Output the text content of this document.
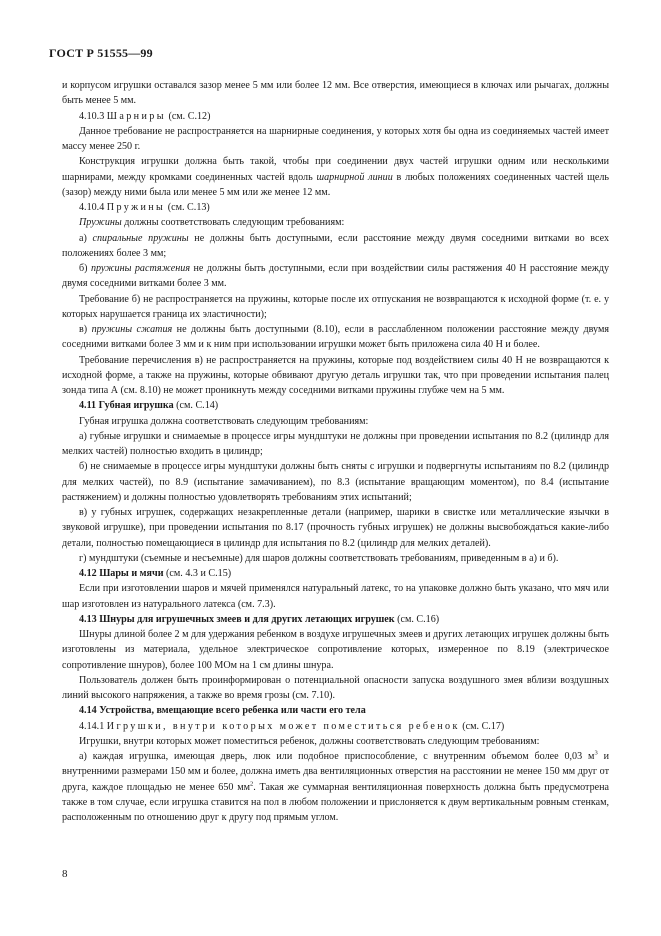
ГОСТ Р 51555—99

и корпусом игрушки оставался зазор менее 5 мм или более 12 мм. Все отверстия, имеющиеся в ключах или рычагах, должны быть менее 5 мм.

4.10.3 Шарниры (см. С.12)

Данное требование не распространяется на шарнирные соединения, у которых хотя бы одна из соединяемых частей имеет массу менее 250 г.

Конструкция игрушки должна быть такой, чтобы при соединении двух частей игрушки одним или несколькими шарнирами, между кромками соединенных частей вдоль шарнирной линии в любых положениях соединенных частей щель (зазор) между ними была или менее 5 мм или же менее 12 мм.

4.10.4 Пружины (см. С.13)

Пружины должны соответствовать следующим требованиям:

а) спиральные пружины не должны быть доступными, если расстояние между двумя соседними витками во всех положениях более 3 мм;

б) пружины растяжения не должны быть доступными, если при воздействии силы растяжения 40 Н расстояние между двумя соседними витками более 3 мм.

Требование б) не распространяется на пружины, которые после их отпускания не возвращаются к исходной форме (т. е. у которых нарушается граница их эластичности);

в) пружины сжатия не должны быть доступными (8.10), если в расслабленном положении расстояние между двумя соседними витками более 3 мм и к ним при использовании игрушки может быть приложена сила 40 Н и более.

Требование перечисления в) не распространяется на пружины, которые под воздействием силы 40 Н не возвращаются к исходной форме, а также на пружины, которые обвивают другую деталь игрушки так, что при проведении испытания палец зонда типа А (см. 8.10) не может проникнуть между соседними витками пружины глубже чем на 5 мм.

4.11 Губная игрушка (см. С.14)

Губная игрушка должна соответствовать следующим требованиям:

а) губные игрушки и снимаемые в процессе игры мундштуки не должны при проведении испытания по 8.2 (цилиндр для мелких частей) полностью входить в цилиндр;

б) не снимаемые в процессе игры мундштуки должны быть сняты с игрушки и подвергнуты испытаниям по 8.2 (цилиндр для мелких частей), по 8.9 (испытание замачиванием), по 8.3 (испытание вращающим моментом), по 8.4 (испытание растяжением) и должны полностью удовлетворять требованиям этих испытаний;

в) у губных игрушек, содержащих незакрепленные детали (например, шарики в свистке или металлические язычки в звуковой игрушке), при проведении испытания по 8.17 (прочность губных игрушек) не должны высвобождаться какие-либо детали, полностью помещающиеся в цилиндр для испытания по 8.2 (цилиндр для мелких деталей).

г) мундштуки (съемные и несъемные) для шаров должны соответствовать требованиям, приведенным в а) и б).

4.12 Шары и мячи (см. 4.3 и С.15)

Если при изготовлении шаров и мячей применялся натуральный латекс, то на упаковке должно быть указано, что мяч или шар изготовлен из натурального латекса (см. 7.3).

4.13 Шнуры для игрушечных змеев и для других летающих игрушек (см. С.16)

Шнуры длиной более 2 м для удержания ребенком в воздухе игрушечных змеев и других летающих игрушек должны быть изготовлены из материала, удельное электрическое сопротивление которых, измеренное по 8.19 (электрическое сопротивление шнуров), более 100 МОм на 1 см длины шнура.

Пользователь должен быть проинформирован о потенциальной опасности запуска воздушного змея вблизи воздушных линий высокого напряжения, а также во время грозы (см. 7.10).

4.14 Устройства, вмещающие всего ребенка или части его тела

4.14.1 Игрушки, внутри которых может поместиться ребенок (см. С.17)

Игрушки, внутри которых может поместиться ребенок, должны соответствовать следующим требованиям:

а) каждая игрушка, имеющая дверь, люк или подобное приспособление, с внутренним объемом более 0,03 $м^3$ и внутренними размерами 150 мм и более, должна иметь два вентиляционных отверстия на расстоянии не менее 150 мм друг от друга, каждое площадью не менее 650 $мм^2$. Такая же суммарная вентиляционная поверхность должна быть предусмотрена также в том случае, если игрушка ставится на пол в любом положении и прислоняется к двум вертикальным ровным стенкам, расположенным по отношению друг к другу под прямым углом.

8
